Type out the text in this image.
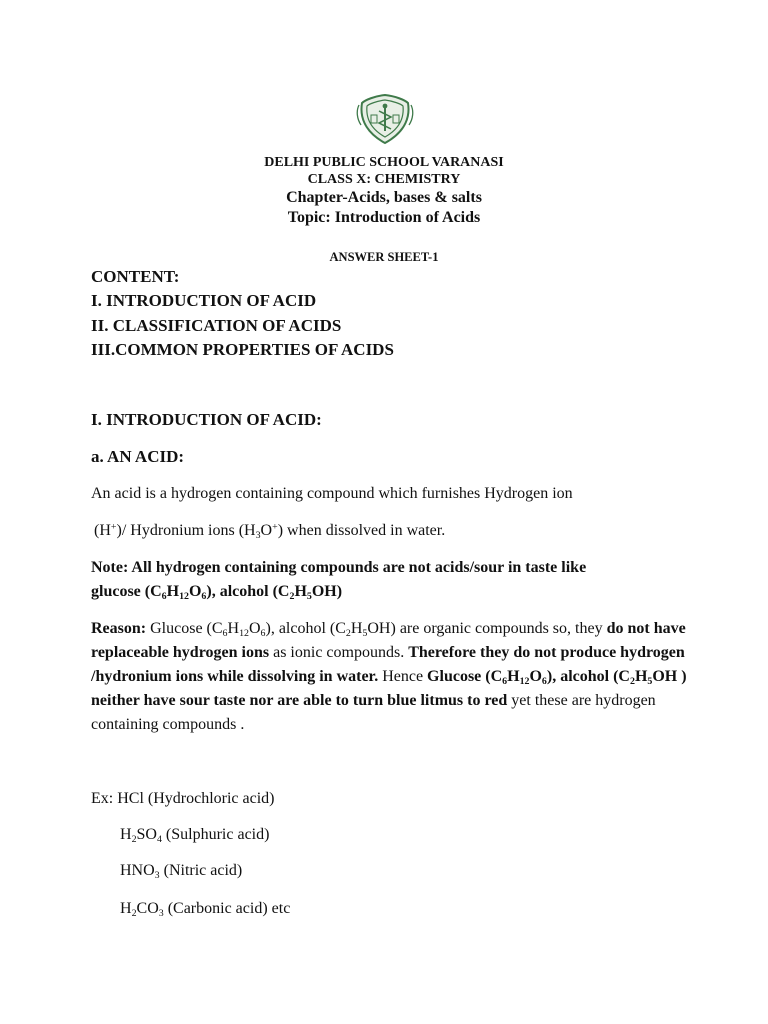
DELHI PUBLIC SCHOOL VARANASI
CLASS X: CHEMISTRY
Chapter-Acids, bases & salts
Topic: Introduction of Acids
ANSWER SHEET-1
CONTENT:
I. INTRODUCTION OF ACID
II. CLASSIFICATION OF ACIDS
III.COMMON PROPERTIES OF ACIDS
I. INTRODUCTION OF ACID:
a. AN ACID:
An acid is a hydrogen containing compound which furnishes Hydrogen ion
(H+)/ Hydronium ions $(H_3O^+)$ when dissolved in water.
Note: All hydrogen containing compounds are not acids/sour in taste like
glucose $(C_6H_{12}O_6)$, alcohol $(C_2H_5OH)$
Reason: Glucose $(C_6H_{12}O_6)$, alcohol $(C_2H_5OH)$ are organic compounds so, they do not have replaceable hydrogen ions as ionic compounds. Therefore they do not produce hydrogen /hydronium ions while dissolving in water. Hence Glucose $(C_6H_{12}O_6)$, alcohol ($C_2H_5OH$ ) neither have sour taste nor are able to turn blue litmus to red yet these are hydrogen containing compounds .
Ex: HCl (Hydrochloric acid)
$H_2SO_4$ (Sulphuric acid)
$HNO_3$ (Nitric acid)
$H_2CO_3$ (Carbonic acid) etc
